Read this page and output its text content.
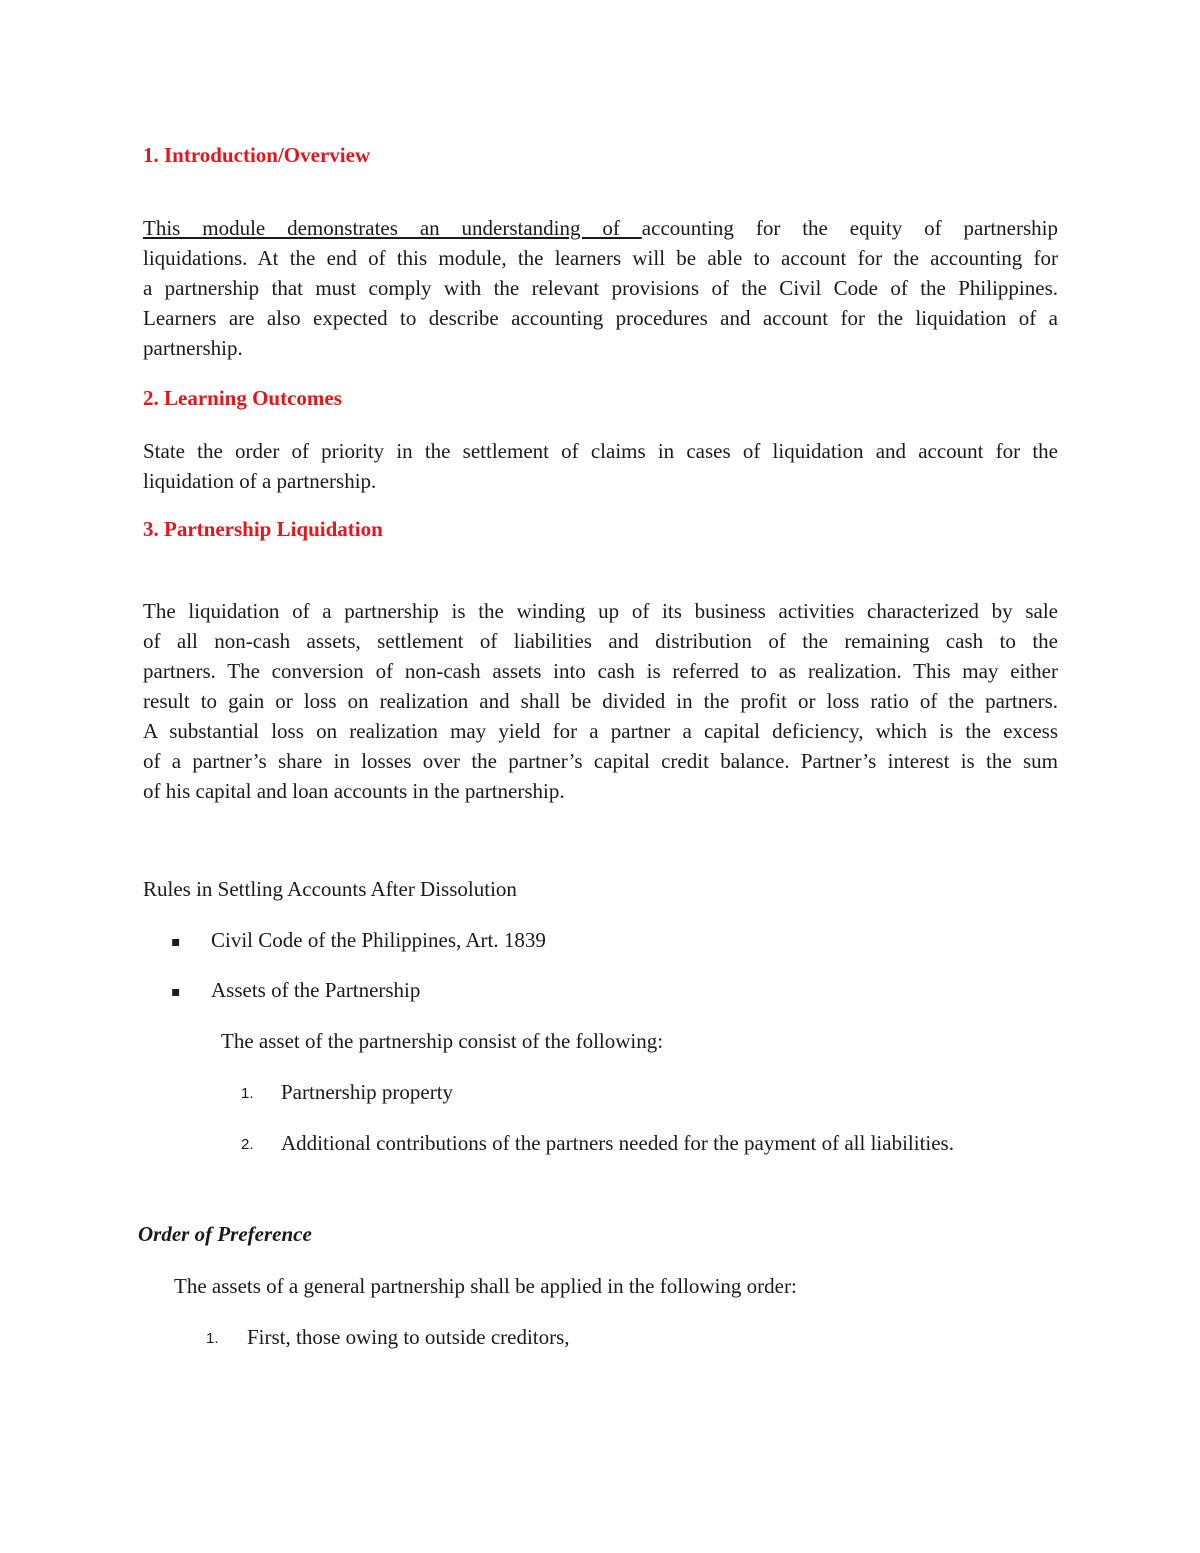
1. Introduction/Overview
This module demonstrates an understanding of accounting for the equity of partnership
liquidations. At the end of this module, the learners will be able to account for the accounting for
a partnership that must comply with the relevant provisions of the Civil Code of the Philippines.
Learners are also expected to describe accounting procedures and account for the liquidation of a
partnership.
2. Learning Outcomes
State the order of priority in the settlement of claims in cases of liquidation and account for the
liquidation of a partnership.
3. Partnership Liquidation
The liquidation of a partnership is the winding up of its business activities characterized by sale
of all non-cash assets, settlement of liabilities and distribution of the remaining cash to the
partners. The conversion of non-cash assets into cash is referred to as realization. This may either
result to gain or loss on realization and shall be divided in the profit or loss ratio of the partners.
A substantial loss on realization may yield for a partner a capital deficiency, which is the excess
of a partner’s share in losses over the partner’s capital credit balance. Partner’s interest is the sum
of his capital and loan accounts in the partnership.

Rules in Settling Accounts After Dissolution

▪ Civil Code of the Philippines, Art. 1839

▪ Assets of the Partnership

The asset of the partnership consist of the following:

1. Partnership property

2. Additional contributions of the partners needed for the payment of all liabilities.

Order of Preference

The assets of a general partnership shall be applied in the following order:

1. First, those owing to outside creditors,
